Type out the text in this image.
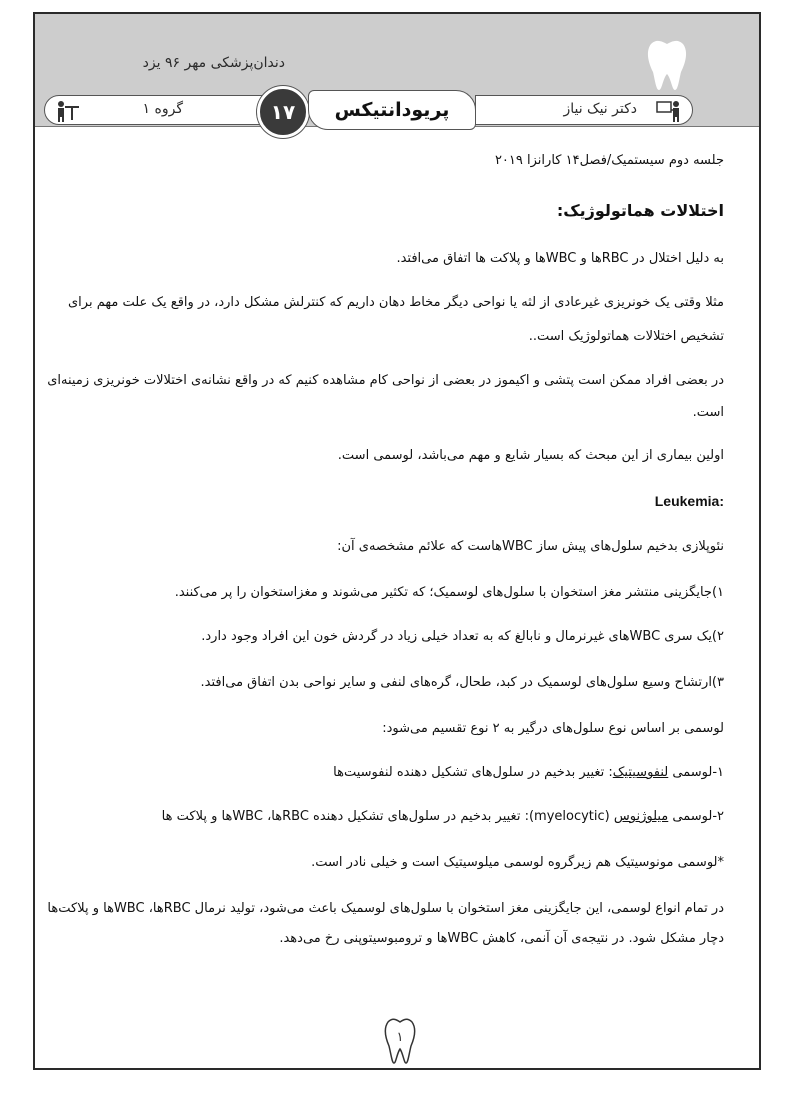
دندان‌پزشکی مهر ۹۶ یزد
گروه ۱	۱۷	پریودانتیکس	دکتر نیک نیاز

جلسه دوم سیستمیک/فصل۱۴ کارانزا ۲۰۱۹

اختلالات هماتولوژیک:

به دلیل اختلال در RBCها و WBCها و پلاکت ها اتفاق می‌افتد.

مثلا وقتی یک خونریزی غیرعادی از لثه یا نواحی دیگر مخاط دهان داریم که کنترلش مشکل دارد، در واقع یک علت مهم برای

تشخیص اختلالات هماتولوژیک است..

در بعضی افراد ممکن است پتشی و اکیموز در بعضی از نواحی کام مشاهده کنیم که در واقع نشانه‌ی اختلالات خونریزی زمینه‌ای

است.

اولین بیماری از این مبحث که بسیار شایع و مهم می‌باشد، لوسمی است.

Leukemia:

نئوپلازی بدخیم سلول‌های پیش ساز WBCهاست که علائم مشخصه‌ی آن:

۱)جایگزینی منتشر مغز استخوان با سلول‌های لوسمیک؛ که تکثیر می‌شوند و مغزاستخوان را پر می‌کنند.

۲)یک سری WBCهای غیرنرمال و نابالغ که به تعداد خیلی زیاد در گردش خون این افراد وجود دارد.

۳)ارتشاح وسیع سلول‌های لوسمیک در کبد، طحال، گره‌های لنفی و سایر نواحی بدن اتفاق می‌افتد.

لوسمی بر اساس نوع سلول‌های درگیر به ۲ نوع تقسیم می‌شود:

۱-لوسمی لنفوسیتیک: تغییر بدخیم در سلول‌های تشکیل دهنده لنفوسیت‌ها

۲-لوسمی میلوژنوس (myelocytic): تغییر بدخیم در سلول‌های تشکیل دهنده RBCها، WBCها و پلاکت ها

*لوسمی مونوسیتیک هم زیرگروه لوسمی میلوسیتیک است و خیلی نادر است.

در تمام انواع لوسمی، این جایگزینی مغز استخوان با سلول‌های لوسمیک باعث می‌شود، تولید نرمال RBCها، WBCها و پلاکت‌ها

دچار مشکل شود. در نتیجه‌ی آن آنمی، کاهش WBCها و ترومبوسیتوپنی رخ می‌دهد.

۱
